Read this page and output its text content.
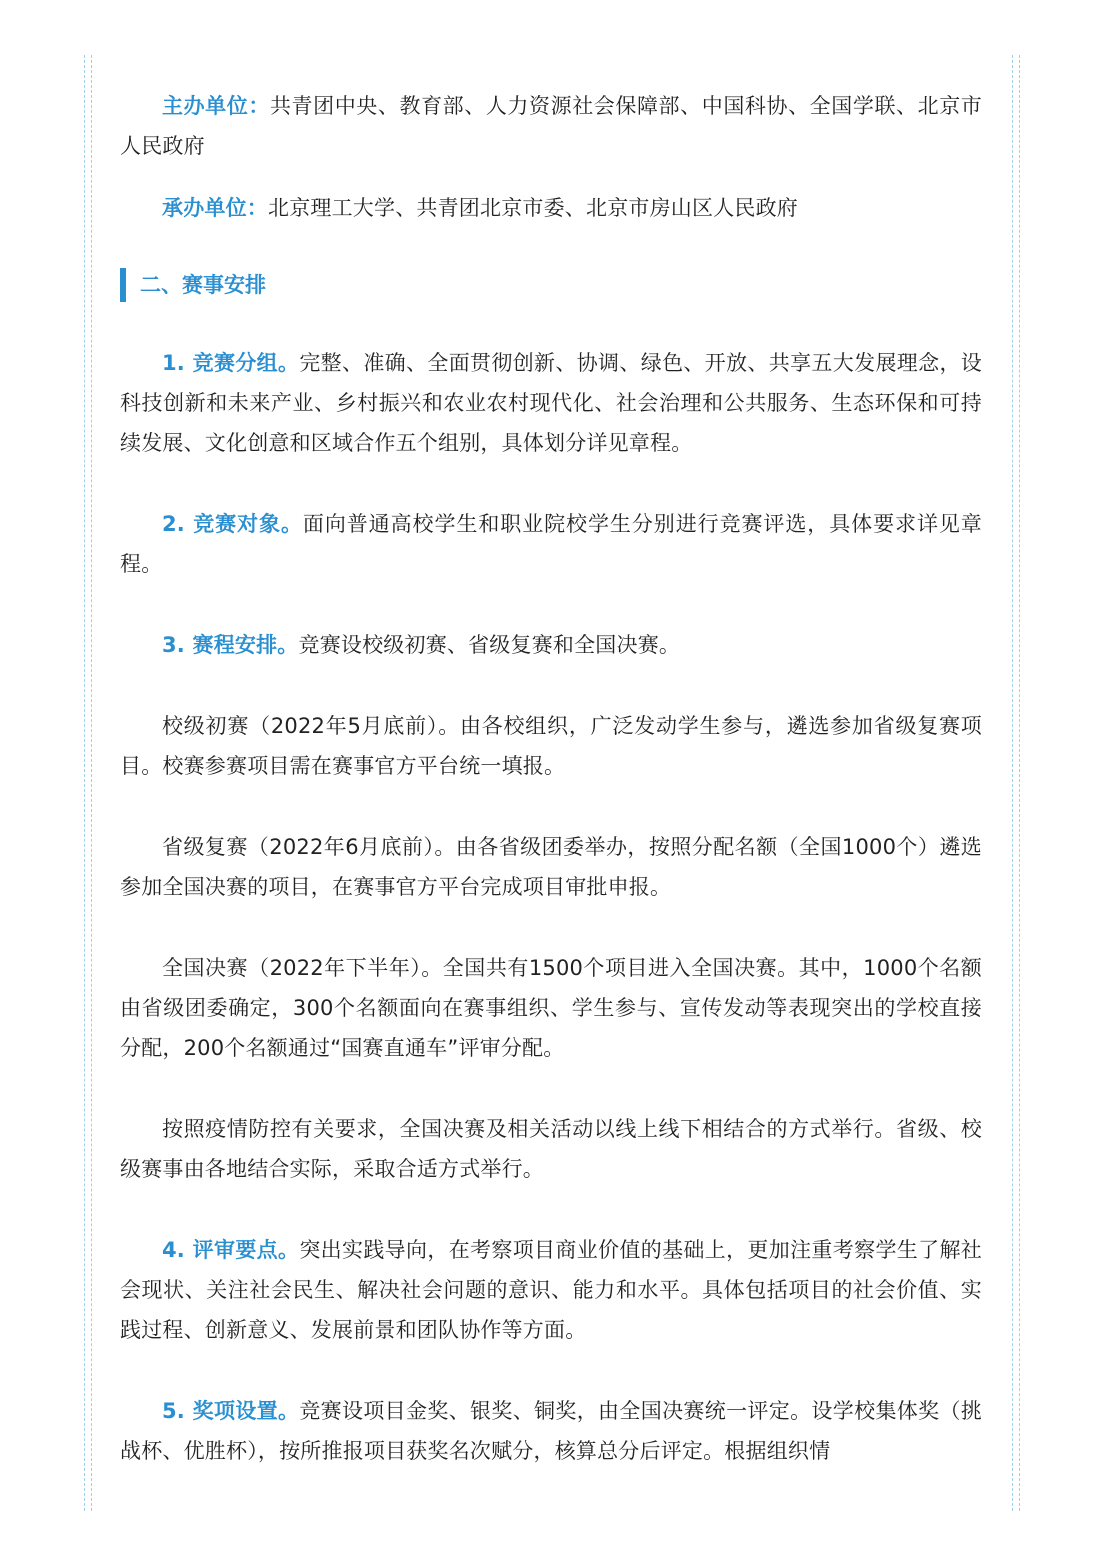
主办单位：共青团中央、教育部、人力资源社会保障部、中国科协、全国学联、北京市人民政府

承办单位：北京理工大学、共青团北京市委、北京市房山区人民政府

二、赛事安排

1. 竞赛分组。完整、准确、全面贯彻创新、协调、绿色、开放、共享五大发展理念，设科技创新和未来产业、乡村振兴和农业农村现代化、社会治理和公共服务、生态环保和可持续发展、文化创意和区域合作五个组别，具体划分详见章程。

2. 竞赛对象。面向普通高校学生和职业院校学生分别进行竞赛评选，具体要求详见章程。

3. 赛程安排。竞赛设校级初赛、省级复赛和全国决赛。

校级初赛（2022年5月底前）。由各校组织，广泛发动学生参与，遴选参加省级复赛项目。校赛参赛项目需在赛事官方平台统一填报。

省级复赛（2022年6月底前）。由各省级团委举办，按照分配名额（全国1000个）遴选参加全国决赛的项目，在赛事官方平台完成项目审批申报。

全国决赛（2022年下半年）。全国共有1500个项目进入全国决赛。其中，1000个名额由省级团委确定，300个名额面向在赛事组织、学生参与、宣传发动等表现突出的学校直接分配，200个名额通过“国赛直通车”评审分配。

按照疫情防控有关要求，全国决赛及相关活动以线上线下相结合的方式举行。省级、校级赛事由各地结合实际，采取合适方式举行。

4. 评审要点。突出实践导向，在考察项目商业价值的基础上，更加注重考察学生了解社会现状、关注社会民生、解决社会问题的意识、能力和水平。具体包括项目的社会价值、实践过程、创新意义、发展前景和团队协作等方面。

5. 奖项设置。竞赛设项目金奖、银奖、铜奖，由全国决赛统一评定。设学校集体奖（挑战杯、优胜杯），按所推报项目获奖名次赋分，核算总分后评定。根据组织情
